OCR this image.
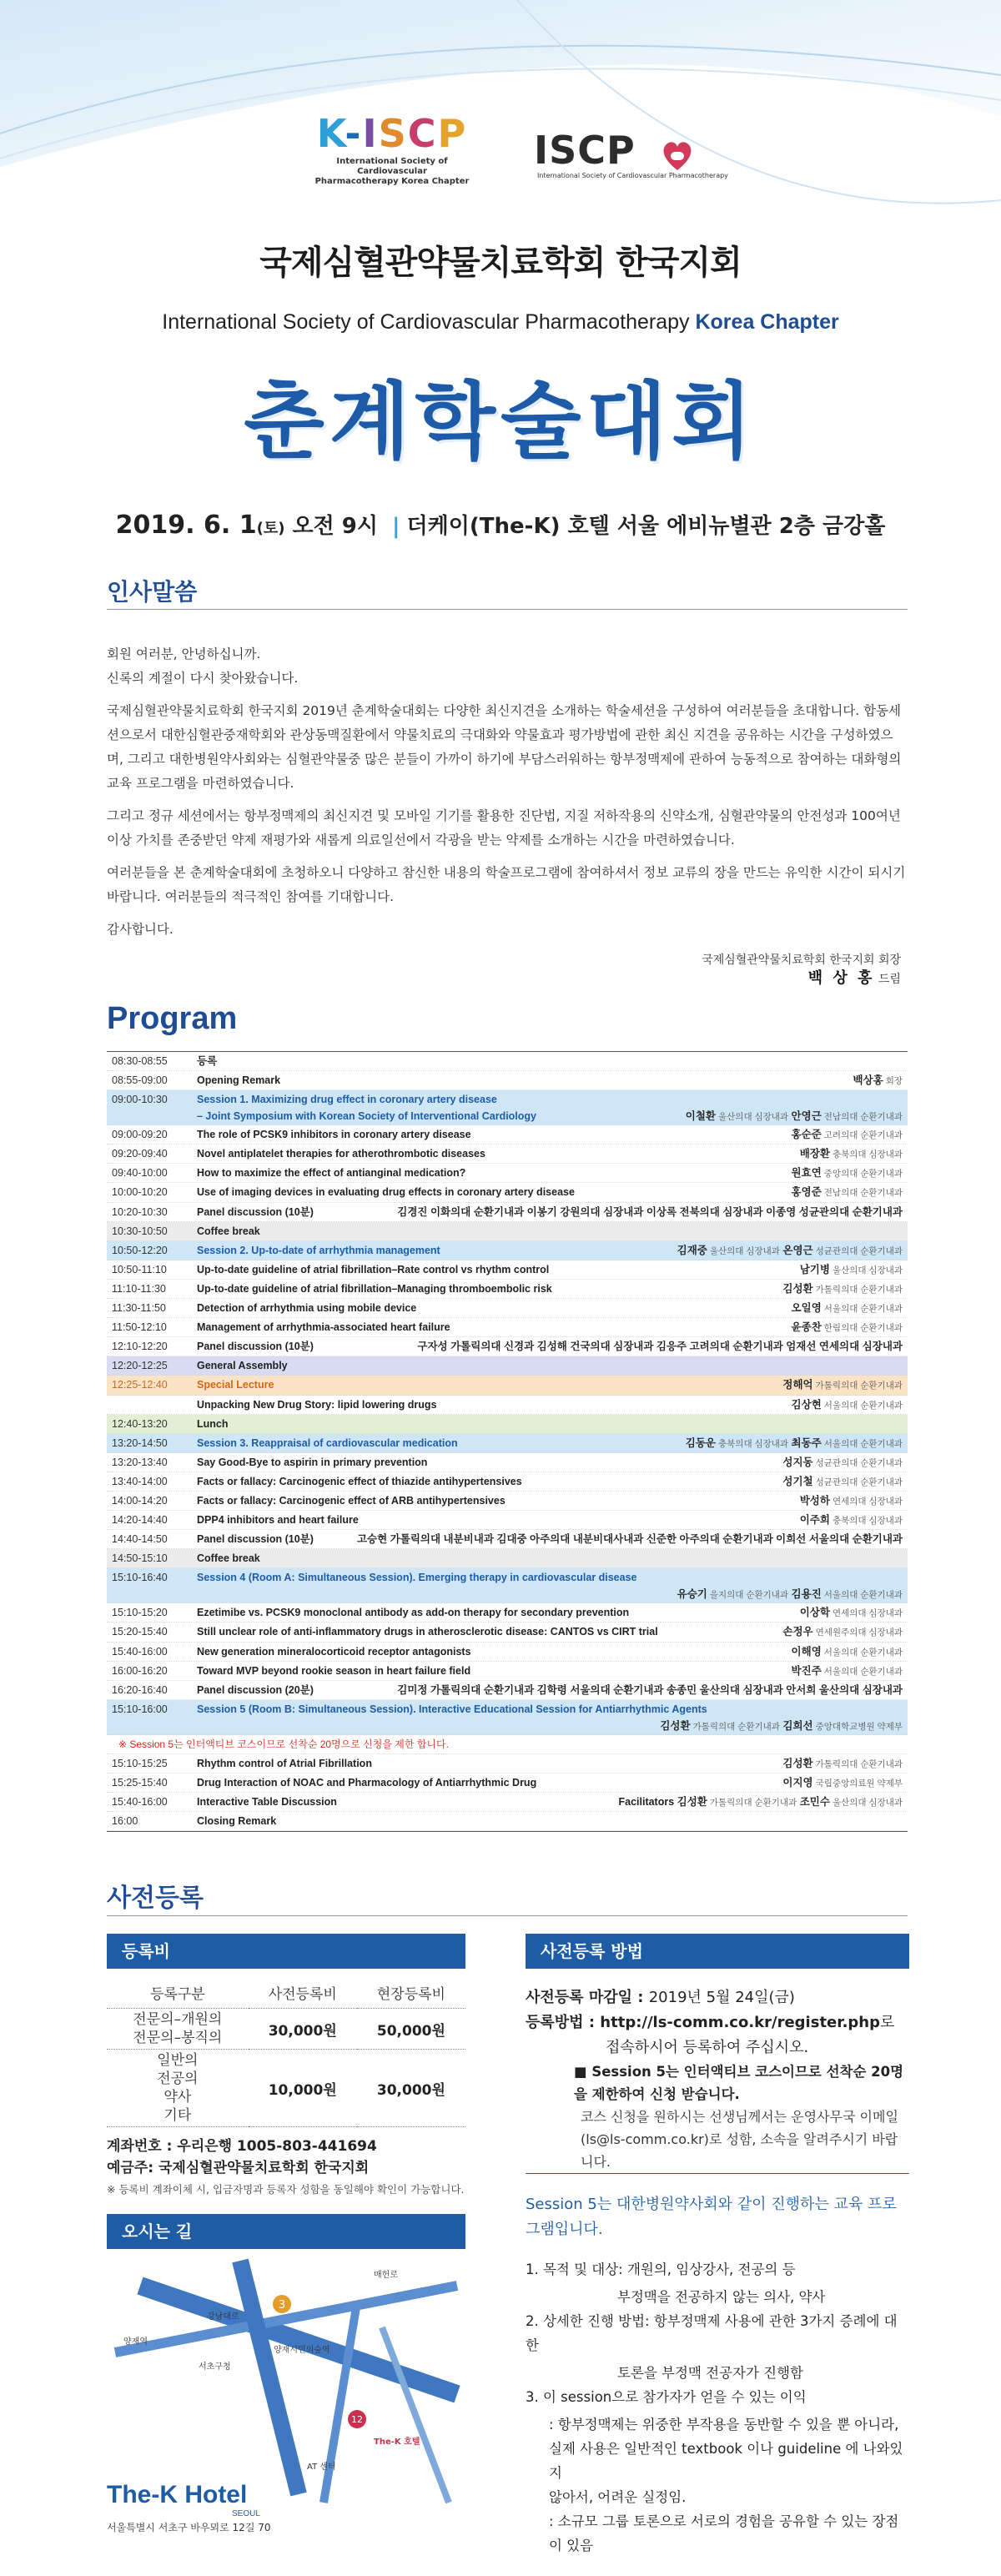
K-ISCP
International Society of Cardiovascular
Pharmacotherapy Korea Chapter
ISCP
International Society of Cardiovascular Pharmacotherapy
국제심혈관약물치료학회 한국지회
International Society of Cardiovascular Pharmacotherapy Korea Chapter
춘계학술대회
2019. 6. 1(토) 오전 9시 | 더케이(The-K) 호텔 서울 에비뉴별관 2층 금강홀
인사말씀

회원 여러분, 안녕하십니까.

신록의 계절이 다시 찾아왔습니다.

국제심혈관약물치료학회 한국지회 2019년 춘계학술대회는 다양한 최신지견을 소개하는 학술세션을 구성하여 여러분들을 초대합니다. 합동세션으로서 대한심혈관중재학회와 관상동맥질환에서 약물치료의 극대화와 약물효과 평가방법에 관한 최신 지견을 공유하는 시간을 구성하였으며, 그리고 대한병원약사회와는 심혈관약물중 많은 분들이 가까이 하기에 부담스러워하는 항부정맥제에 관하여 능동적으로 참여하는 대화형의 교육 프로그램을 마련하였습니다.

그리고 정규 세션에서는 항부정맥제의 최신지견 및 모바일 기기를 활용한 진단법, 지질 저하작용의 신약소개, 심혈관약물의 안전성과 100여년이상 가치를 존중받던 약제 재평가와 새롭게 의료일선에서 각광을 받는 약제를 소개하는 시간을 마련하였습니다.

여러분들을 본 춘계학술대회에 초청하오니 다양하고 참신한 내용의 학술프로그램에 참여하셔서 정보 교류의 장을 만드는 유익한 시간이 되시기 바랍니다. 여러분들의 적극적인 참여를 기대합니다.

감사합니다.

국제심혈관약물치료학회 한국지회 회장
백 상 홍 드림
Program
08:30-08:55	등록
08:55-09:00	Opening Remark	백상홍 회장
09:00-10:30	Session 1. Maximizing drug effect in coronary artery disease
– Joint Symposium with Korean Society of Interventional Cardiology	이철환 울산의대 심장내과 안영근 전남의대 순환기내과
09:00-09:20	The role of PCSK9 inhibitors in coronary artery disease	홍순준 고려의대 순환기내과
09:20-09:40	Novel antiplatelet therapies for atherothrombotic diseases	배장환 충북의대 심장내과
09:40-10:00	How to maximize the effect of antianginal medication?	원효연 중앙의대 순환기내과
10:00-10:20	Use of imaging devices in evaluating drug effects in coronary artery disease	홍영준 전남의대 순환기내과
10:20-10:30	Panel discussion (10분)	김경진 이화의대 순환기내과 이봉기 강원의대 심장내과 이상록 전북의대 심장내과 이종영 성균관의대 순환기내과
10:30-10:50	Coffee break
10:50-12:20	Session 2. Up-to-date of arrhythmia management	김재중 울산의대 심장내과 온영근 성균관의대 순환기내과
10:50-11:10	Up-to-date guideline of atrial fibrillation–Rate control vs rhythm control	남기병 울산의대 심장내과
11:10-11:30	Up-to-date guideline of atrial fibrillation–Managing thromboembolic risk	김성환 가톨릭의대 순환기내과
11:30-11:50	Detection of arrhythmia using mobile device	오일영 서울의대 순환기내과
11:50-12:10	Management of arrhythmia-associated heart failure	윤종찬 한림의대 순환기내과
12:10-12:20	Panel discussion (10분)	구자성 가톨릭의대 신경과 김성해 건국의대 심장내과 김응주 고려의대 순환기내과 엄재선 연세의대 심장내과
12:20-12:25	General Assembly
12:25-12:40	Special Lecture	정해억 가톨릭의대 순환기내과
Unpacking New Drug Story: lipid lowering drugs	김상현 서울의대 순환기내과
12:40-13:20	Lunch
13:20-14:50	Session 3. Reappraisal of cardiovascular medication	김동운 충북의대 심장내과 최동주 서울의대 순환기내과
13:20-13:40	Say Good-Bye to aspirin in primary prevention	성지동 성균관의대 순환기내과
13:40-14:00	Facts or fallacy: Carcinogenic effect of thiazide antihypertensives	성기철 성균관의대 순환기내과
14:00-14:20	Facts or fallacy: Carcinogenic effect of ARB antihypertensives	박성하 연세의대 심장내과
14:20-14:40	DPP4 inhibitors and heart failure	이주희 충북의대 심장내과
14:40-14:50	Panel discussion (10분)	고승현 가톨릭의대 내분비내과 김대중 아주의대 내분비대사내과 신준한 아주의대 순환기내과 이희선 서울의대 순환기내과
14:50-15:10	Coffee break
15:10-16:40	Session 4 (Room A: Simultaneous Session). Emerging therapy in cardiovascular disease
유승기 을지의대 순환기내과 김용진 서울의대 순환기내과
15:10-15:20	Ezetimibe vs. PCSK9 monoclonal antibody as add-on therapy for secondary prevention	이상학 연세의대 심장내과
15:20-15:40	Still unclear role of anti-inflammatory drugs in atherosclerotic disease: CANTOS vs CIRT trial	손정우 연세원주의대 심장내과
15:40-16:00	New generation mineralocorticoid receptor antagonists	이해영 서울의대 순환기내과
16:00-16:20	Toward MVP beyond rookie season in heart failure field	박진주 서울의대 순환기내과
16:20-16:40	Panel discussion (20분)	김미정 가톨릭의대 순환기내과 김학령 서울의대 순환기내과 송종민 울산의대 심장내과 안서희 울산의대 심장내과
15:10-16:00	Session 5 (Room B: Simultaneous Session). Interactive Educational Session for Antiarrhythmic Agents
김성환 가톨릭의대 순환기내과 김희선 중앙대학교병원 약제부
※ Session 5는 인터액티브 코스이므로 선착순 20명으로 신청을 제한 합니다.
15:10-15:25	Rhythm control of Atrial Fibrillation	김성환 가톨릭의대 순환기내과
15:25-15:40	Drug Interaction of NOAC and Pharmacology of Antiarrhythmic Drug	이지영 국립중앙의료원 약제부
15:40-16:00	Interactive Table Discussion	Facilitators 김성환 가톨릭의대 순환기내과 조민수 울산의대 심장내과
16:00	Closing Remark
사전등록
등록비
등록구분	사전등록비	현장등록비
전문의–개원의
전문의–봉직의	30,000원	50,000원
일반의
전공의
약사
기타	10,000원	30,000원
계좌번호 : 우리은행 1005-803-441694
예금주: 국제심혈관약물치료학회 한국지회
※ 등록비 계좌이체 시, 입금자명과 등록자 성함을 동일해야 확인이 가능합니다.
오시는 길
3
12
양재역
매헌로
강남대로
서초구청
양재시민의숲역
AT 센터
The-K 호텔
The-K Hotel
SEOUL
서울특별시 서초구 바우뫼로 12길 70
사전등록 방법
사전등록 마감일 : 2019년 5월 24일(금)
등록방법 : http://ls-comm.co.kr/register.php로
접속하시어 등록하여 주십시오.
■ Session 5는 인터액티브 코스이므로 선착순 20명을 제한하여 신청 받습니다.
코스 신청을 원하시는 선생님께서는 운영사무국 이메일(ls@ls-comm.co.kr)로 성함, 소속을 알려주시기 바랍니다.
Session 5는 대한병원약사회와 같이 진행하는 교육 프로그램입니다.
1. 목적 및 대상: 개원의, 임상강사, 전공의 등
부정맥을 전공하지 않는 의사, 약사
2. 상세한 진행 방법: 항부정맥제 사용에 관한 3가지 증례에 대한
토론을 부정맥 전공자가 진행함
3. 이 session으로 참가자가 얻을 수 있는 이익
: 항부정맥제는 위중한 부작용을 동반할 수 있을 뿐 아니라,
실제 사용은 일반적인 textbook 이나 guideline 에 나와있지
않아서, 어려운 실정임.
: 소규모 그룹 토론으로 서로의 경험을 공유할 수 있는 장점이 있음
